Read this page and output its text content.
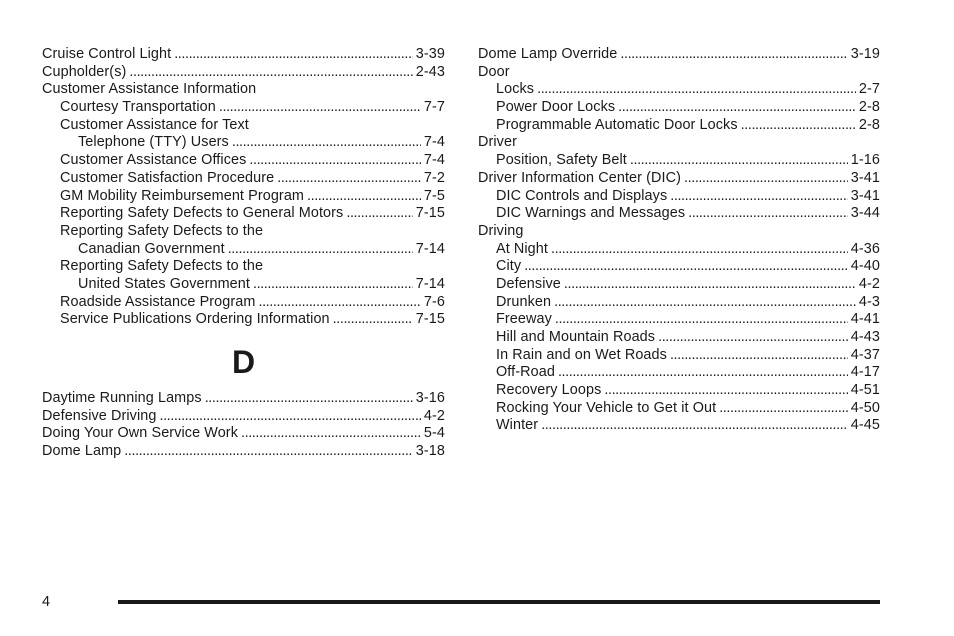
Cruise Control Light . . .	3-39
Cupholder(s) . . .	2-43
Customer Assistance Information
Courtesy Transportation . . .	7-7
Customer Assistance for Text
Telephone (TTY) Users . . .	7-4
Customer Assistance Offices . . .	7-4
Customer Satisfaction Procedure . . .	7-2
GM Mobility Reimbursement Program . . .	7-5
Reporting Safety Defects to General Motors . . .	7-15
Reporting Safety Defects to the
Canadian Government . . .	7-14
Reporting Safety Defects to the
United States Government . . .	7-14
Roadside Assistance Program . . .	7-6
Service Publications Ordering Information . . .	7-15
D
Daytime Running Lamps . . .	3-16
Defensive Driving . . .	4-2
Doing Your Own Service Work . . .	5-4
Dome Lamp . . .	3-18
Dome Lamp Override . . .	3-19
Door
Locks . . .	2-7
Power Door Locks . . .	2-8
Programmable Automatic Door Locks . . .	2-8
Driver
Position, Safety Belt . . .	1-16
Driver Information Center (DIC) . . .	3-41
DIC Controls and Displays . . .	3-41
DIC Warnings and Messages . . .	3-44
Driving
At Night . . .	4-36
City . . .	4-40
Defensive . . .	4-2
Drunken . . .	4-3
Freeway . . .	4-41
Hill and Mountain Roads . . .	4-43
In Rain and on Wet Roads . . .	4-37
Off-Road . . .	4-17
Recovery Loops . . .	4-51
Rocking Your Vehicle to Get it Out . . .	4-50
Winter . . .	4-45
4
